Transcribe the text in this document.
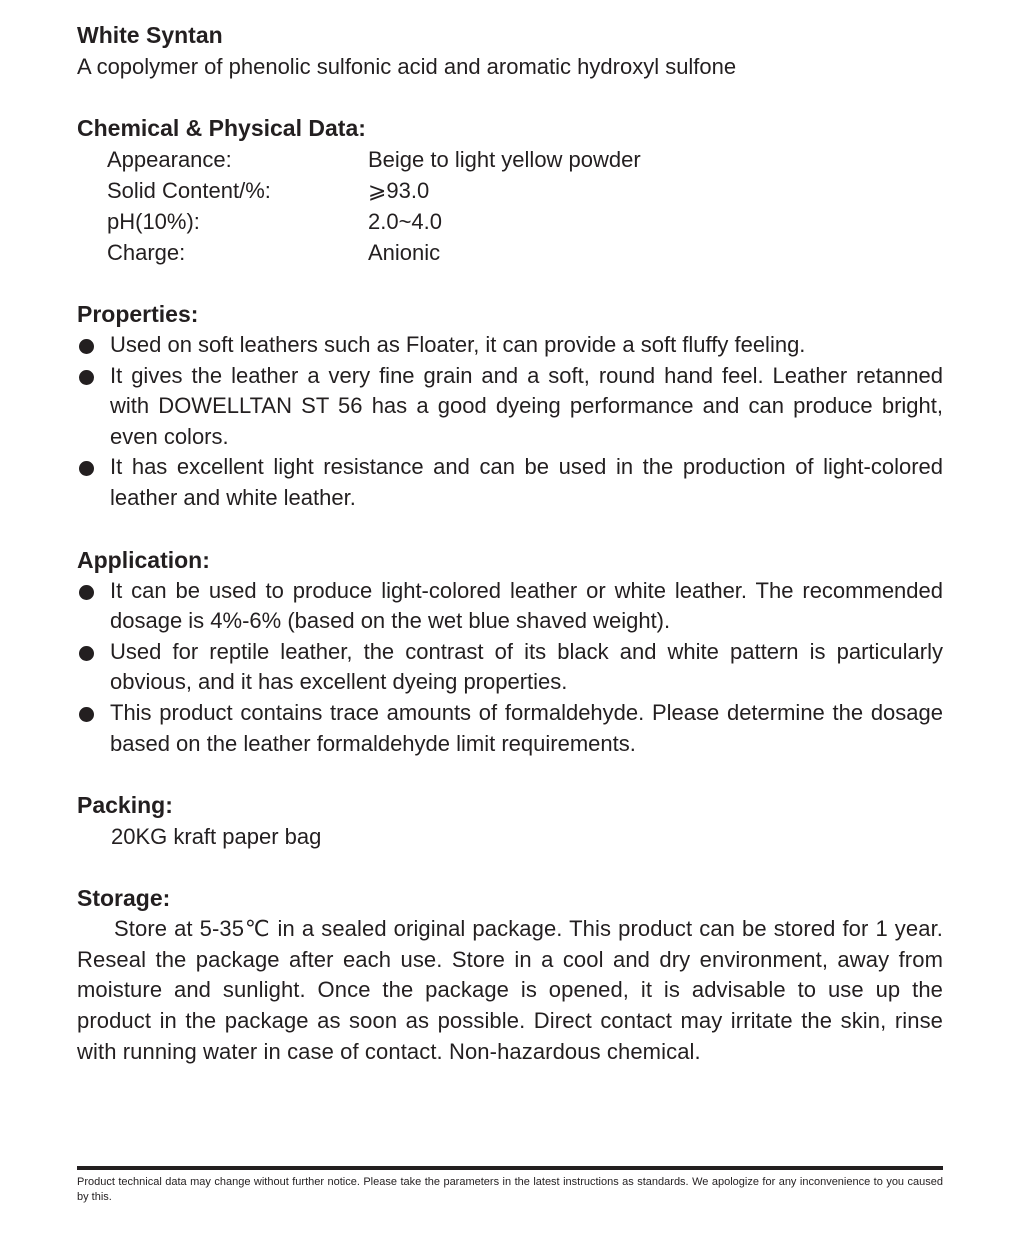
White Syntan

A copolymer of phenolic sulfonic acid and aromatic hydroxyl sulfone

Chemical & Physical Data:
Appearance:	Beige to light yellow powder
Solid Content/%:	⩾93.0
pH(10%):	2.0~4.0
Charge:	Anionic
Properties:
Used on soft leathers such as Floater, it can provide a soft fluffy feeling.
It gives the leather a very fine grain and a soft, round hand feel. Leather retanned with DOWELLTAN ST 56 has a good dyeing performance and can produce bright, even colors.
It has excellent light resistance and can be used in the production of light-colored leather and white leather.
Application:
It can be used to produce light-colored leather or white leather. The recommended dosage is 4%-6% (based on the wet blue shaved weight).
Used for reptile leather, the contrast of its black and white pattern is particularly obvious, and it has excellent dyeing properties.
This product contains trace amounts of formaldehyde. Please determine the dosage based on the leather formaldehyde limit requirements.
Packing:
20KG kraft paper bag
Storage:

Store at 5-35℃ in a sealed original package. This product can be stored for 1 year. Reseal the package after each use. Store in a cool and dry environment, away from moisture and sunlight. Once the package is opened, it is advisable to use up the product in the package as soon as possible. Direct contact may irritate the skin, rinse with running water in case of contact. Non-hazardous chemical.

Product technical data may change without further notice. Please take the parameters in the latest instructions as standards. We apologize for any inconvenience to you caused by this.
